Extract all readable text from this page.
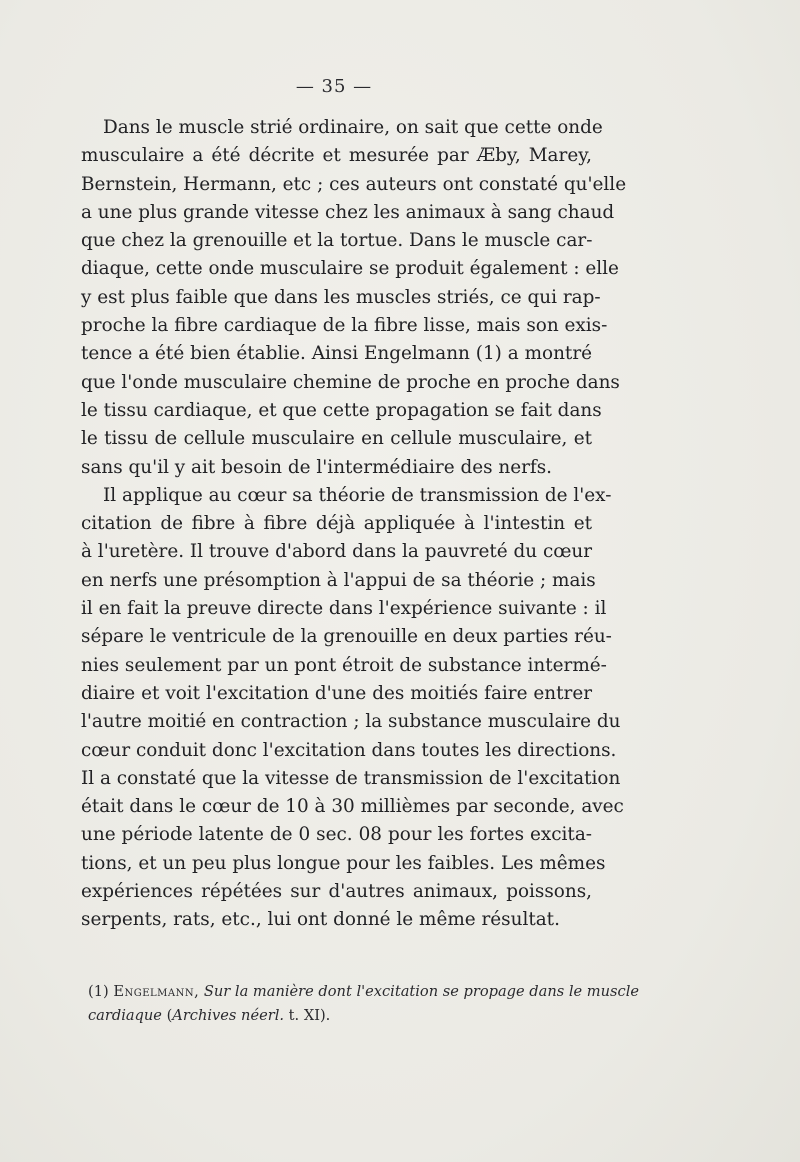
— 35 —
Dans le muscle strié ordinaire, on sait que cette onde
musculaire a été décrite et mesurée par Æby, Marey,
Bernstein, Hermann, etc ; ces auteurs ont constaté qu'elle
a une plus grande vitesse chez les animaux à sang chaud
que chez la grenouille et la tortue. Dans le muscle car-
diaque, cette onde musculaire se produit également : elle
y est plus faible que dans les muscles striés, ce qui rap-
proche la fibre cardiaque de la fibre lisse, mais son exis-
tence a été bien établie. Ainsi Engelmann (1) a montré
que l'onde musculaire chemine de proche en proche dans
le tissu cardiaque, et que cette propagation se fait dans
le tissu de cellule musculaire en cellule musculaire, et
sans qu'il y ait besoin de l'intermédiaire des nerfs.
Il applique au cœur sa théorie de transmission de l'ex-
citation de fibre à fibre déjà appliquée à l'intestin et
à l'uretère. Il trouve d'abord dans la pauvreté du cœur
en nerfs une présomption à l'appui de sa théorie ; mais
il en fait la preuve directe dans l'expérience suivante : il
sépare le ventricule de la grenouille en deux parties réu-
nies seulement par un pont étroit de substance intermé-
diaire et voit l'excitation d'une des moitiés faire entrer
l'autre moitié en contraction ; la substance musculaire du
cœur conduit donc l'excitation dans toutes les directions.
Il a constaté que la vitesse de transmission de l'excitation
était dans le cœur de 10 à 30 millièmes par seconde, avec
une période latente de 0 sec. 08 pour les fortes excita-
tions, et un peu plus longue pour les faibles. Les mêmes
expériences répétées sur d'autres animaux, poissons,
serpents, rats, etc., lui ont donné le même résultat.
(1) Engelmann, Sur la manière dont l'excitation se propage dans le muscle
cardiaque (Archives néerl. t. XI).
